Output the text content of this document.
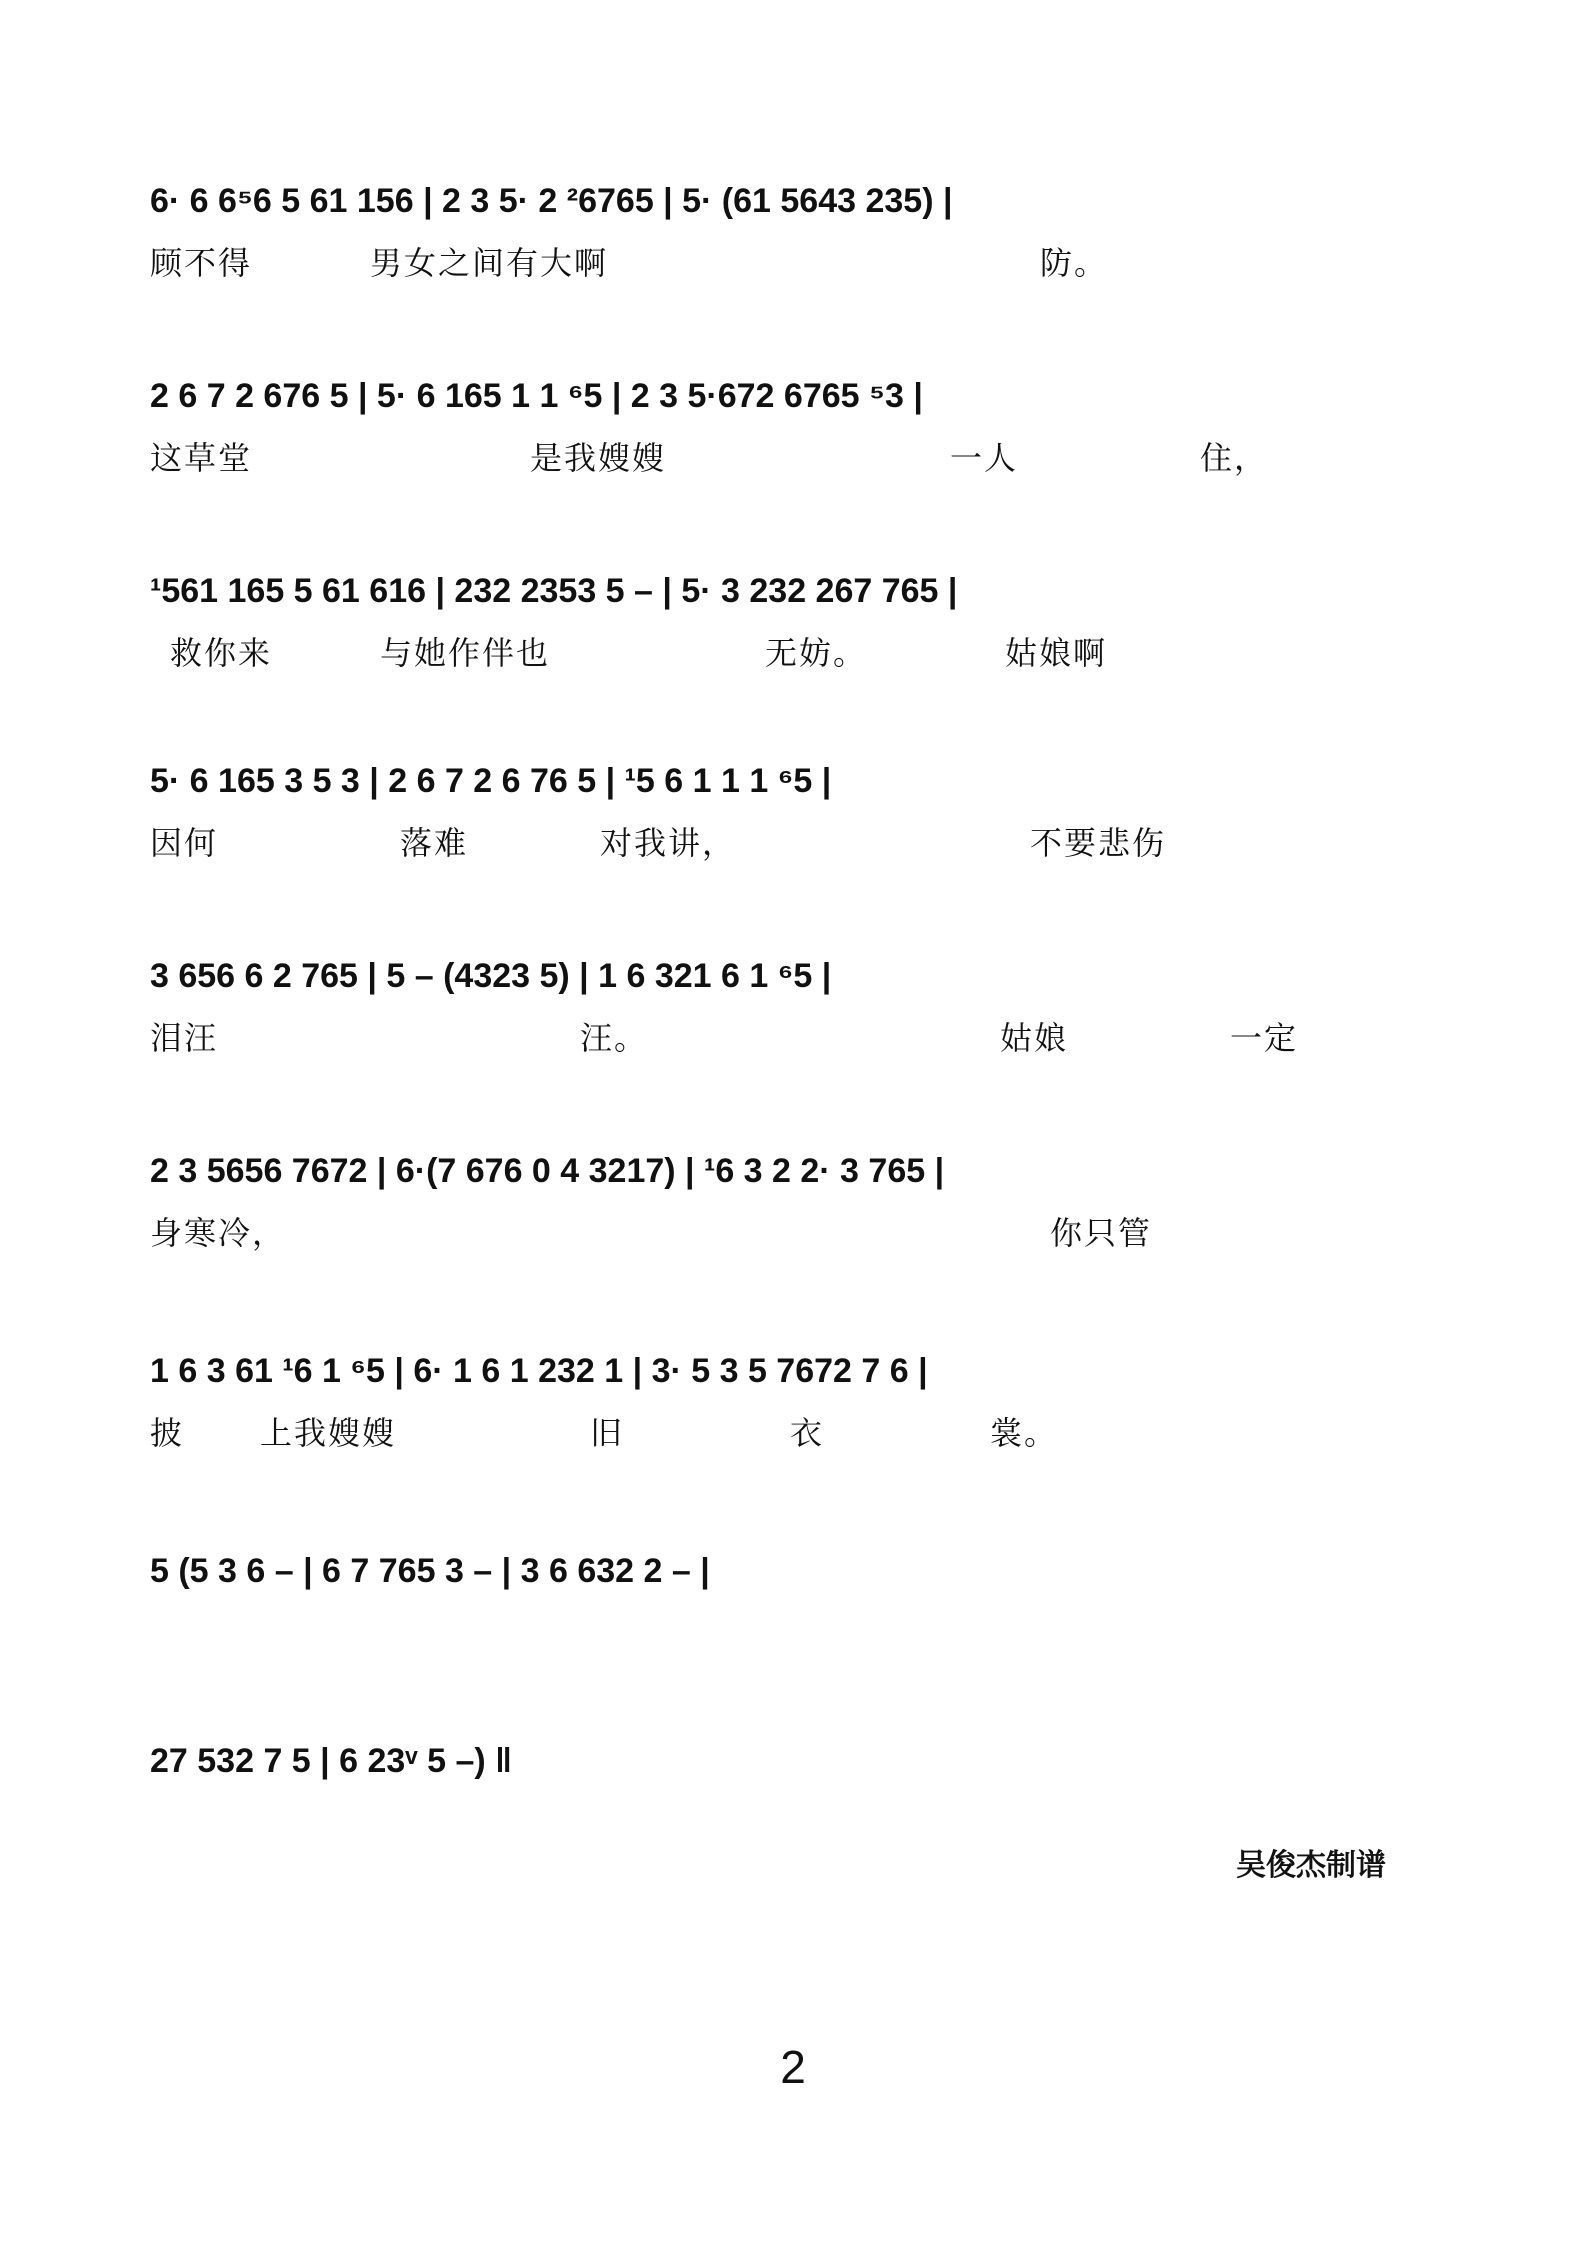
6· 6 6⁵6 5 61 156 | 2 3 5· 2 ²6765 | 5· (61 5643 235) |

顾不得

	男女之间有大啊

	防。

2 6 7 2 676 5 | 5· 6 165 1 1 ⁶5 | 2 3 5·672 6765 ⁵3 |

这草堂

	是我嫂嫂

	一人

	住，

¹561 165 5 61 616 | 232 2353 5 – | 5· 3 232 267 765 |

救你来

	与她作伴也

	无妨。

	姑娘啊

5· 6 165 3 5 3 | 2 6 7 2 6 76 5 | ¹5 6 1 1 1 ⁶5 |

因何

	落难

	对我讲，

	不要悲伤

3 656 6 2 765 | 5 – (4323 5) | 1 6 321 6 1 ⁶5 |

泪汪

	汪。

	姑娘

	一定

2 3 5656 7672 | 6·(7 676 0 4 3217) | ¹6 3 2 2· 3 765 |

身寒冷，

	你只管

1 6 3 61 ¹6 1 ⁶5 | 6· 1 6 1 232 1 | 3· 5 3 5 7672 7 6 |

披

上我嫂嫂

	旧

	衣

	裳。

5 (5 3 6 – | 6 7 765 3 – | 3 6 632 2 – |
27 532 7 5 | 6 23ᵛ 5 –) ‖
吴俊杰制谱
2
